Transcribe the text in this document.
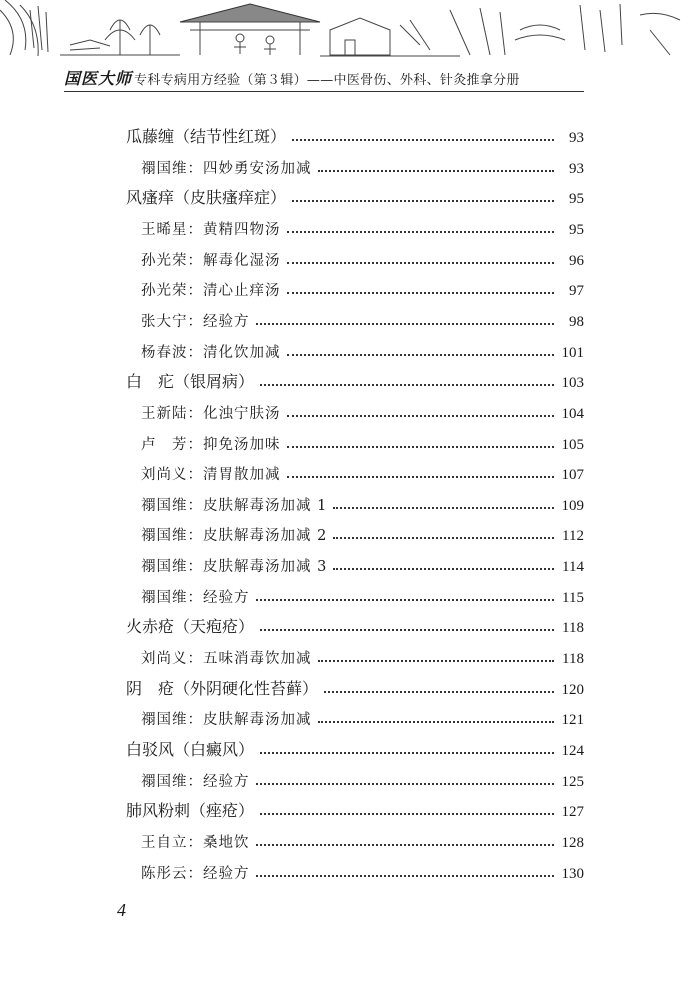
国医大师 专科专病用方经验（第３辑）——中医骨伤、外科、针灸推拿分册
瓜藤缠（结节性红斑）	93
禤国维：四妙勇安汤加减	93
风瘙痒（皮肤瘙痒症）	95
王晞星：黄精四物汤	95
孙光荣：解毒化湿汤	96
孙光荣：清心止痒汤	97
张大宁：经验方	98
杨春波：清化饮加减	101
白　疕（银屑病）	103
王新陆：化浊宁肤汤	104
卢　芳：抑免汤加味	105
刘尚义：清胃散加减	107
禤国维：皮肤解毒汤加减 1	109
禤国维：皮肤解毒汤加减 2	112
禤国维：皮肤解毒汤加减 3	114
禤国维：经验方	115
火赤疮（天疱疮）	118
刘尚义：五味消毒饮加减	118
阴　疮（外阴硬化性苔藓）	120
禤国维：皮肤解毒汤加减	121
白驳风（白癜风）	124
禤国维：经验方	125
肺风粉刺（痤疮）	127
王自立：桑地饮	128
陈彤云：经验方	130
4
